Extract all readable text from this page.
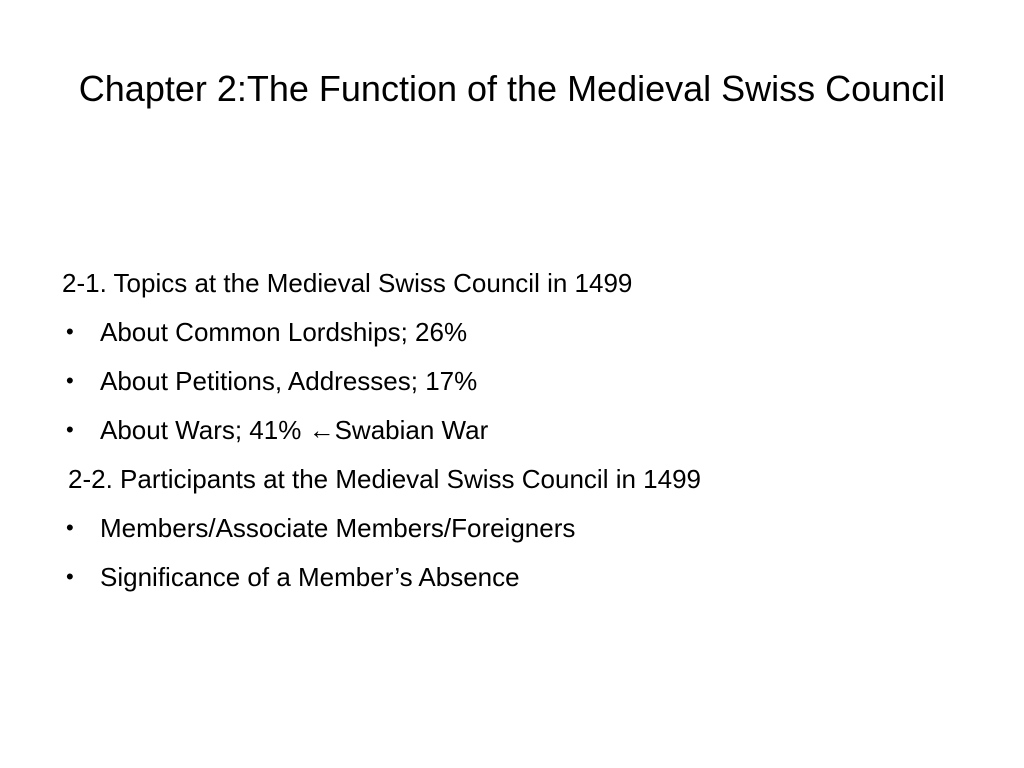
Chapter 2:The Function of the Medieval Swiss Council
2-1. Topics at the Medieval Swiss Council in 1499
• About Common Lordships; 26%
• About Petitions, Addresses; 17%
• About Wars; 41% ←Swabian War
2-2. Participants at the Medieval Swiss Council in 1499
• Members/Associate Members/Foreigners
• Significance of a Member’s Absence
